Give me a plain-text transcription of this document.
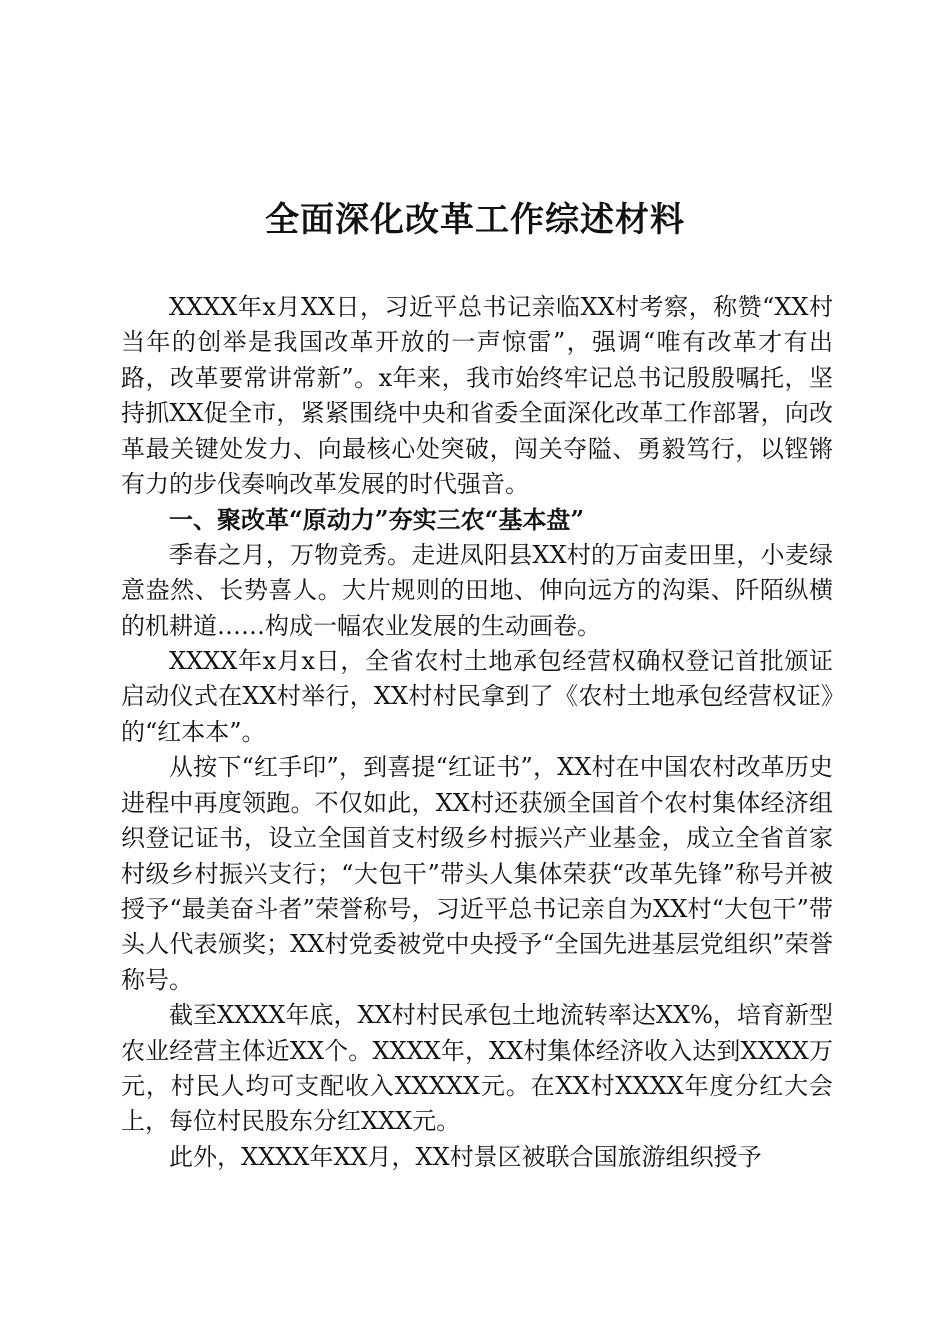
全面深化改革工作综述材料

XXXX年x月XX日，习近平总书记亲临XX村考察，称赞“XX村当年的创举是我国改革开放的一声惊雷”，强调“唯有改革才有出路，改革要常讲常新”。x年来，我市始终牢记总书记殷殷嘱托，坚持抓XX促全市，紧紧围绕中央和省委全面深化改革工作部署，向改革最关键处发力、向最核心处突破，闯关夺隘、勇毅笃行，以铿锵有力的步伐奏响改革发展的时代强音。

一、聚改革“原动力”夯实三农“基本盘”

季春之月，万物竞秀。走进凤阳县XX村的万亩麦田里，小麦绿意盎然、长势喜人。大片规则的田地、伸向远方的沟渠、阡陌纵横的机耕道……构成一幅农业发展的生动画卷。

XXXX年x月x日，全省农村土地承包经营权确权登记首批颁证启动仪式在XX村举行，XX村村民拿到了《农村土地承包经营权证》的“红本本”。

从按下“红手印”，到喜提“红证书”，XX村在中国农村改革历史进程中再度领跑。不仅如此，XX村还获颁全国首个农村集体经济组织登记证书，设立全国首支村级乡村振兴产业基金，成立全省首家村级乡村振兴支行；“大包干”带头人集体荣获“改革先锋”称号并被授予“最美奋斗者”荣誉称号，习近平总书记亲自为XX村“大包干”带头人代表颁奖；XX村党委被党中央授予“全国先进基层党组织”荣誉称号。

截至XXXX年底，XX村村民承包土地流转率达XX%，培育新型农业经营主体近XX个。XXXX年，XX村集体经济收入达到XXXX万元，村民人均可支配收入XXXXX元。在XX村XXXX年度分红大会上，每位村民股东分红XXX元。

此外，XXXX年XX月，XX村景区被联合国旅游组织授予
